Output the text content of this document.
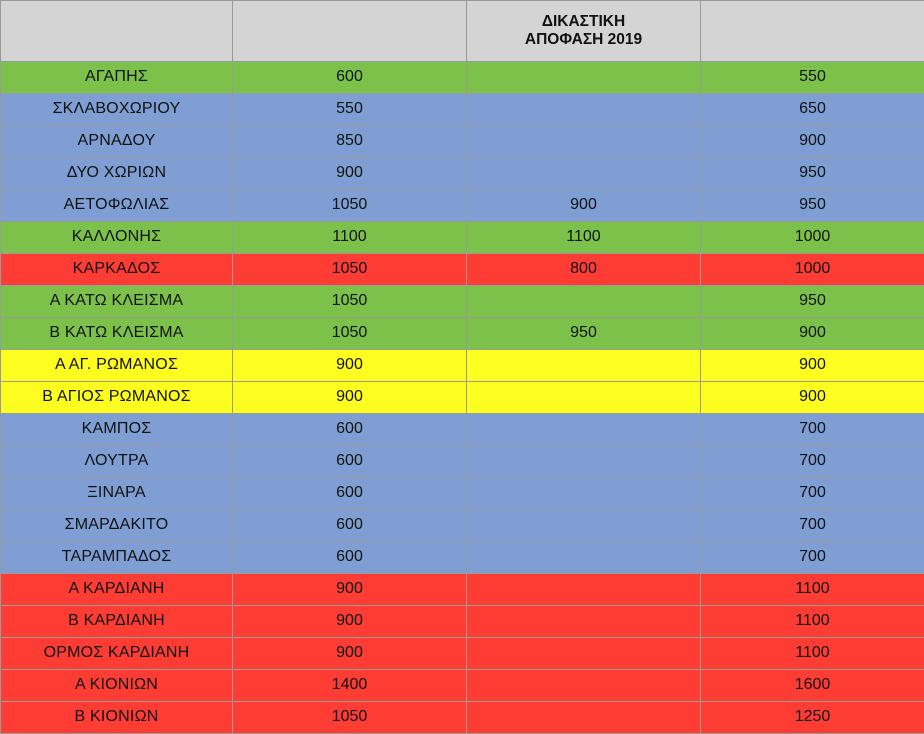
		ΔΙΚΑΣΤΙΚΗ
ΑΠΟΦΑΣΗ 2019	

ΑΓΑΠΗΣ	600		550
ΣΚΛΑΒΟΧΩΡΙΟΥ	550		650
ΑΡΝΑΔΟΥ	850		900
ΔΥΟ ΧΩΡΙΩΝ	900		950
ΑΕΤΟΦΩΛΙΑΣ	1050	900	950
ΚΑΛΛΟΝΗΣ	1100	1100	1000
ΚΑΡΚΑΔΟΣ	1050	800	1000
Α ΚΑΤΩ ΚΛΕΙΣΜΑ	1050		950
Β ΚΑΤΩ ΚΛΕΙΣΜΑ	1050	950	900
Α ΑΓ. ΡΩΜΑΝΟΣ	900		900
Β ΑΓΙΟΣ ΡΩΜΑΝΟΣ	900		900
ΚΑΜΠΟΣ	600		700
ΛΟΥΤΡΑ	600		700
ΞΙΝΑΡΑ	600		700
ΣΜΑΡΔΑΚΙΤΟ	600		700
ΤΑΡΑΜΠΑΔΟΣ	600		700
Α ΚΑΡΔΙΑΝΗ	900		1100
Β ΚΑΡΔΙΑΝΗ	900		1100
ΟΡΜΟΣ ΚΑΡΔΙΑΝΗ	900		1100
Α ΚΙΟΝΙΩΝ	1400		1600
Β ΚΙΟΝΙΩΝ	1050		1250
